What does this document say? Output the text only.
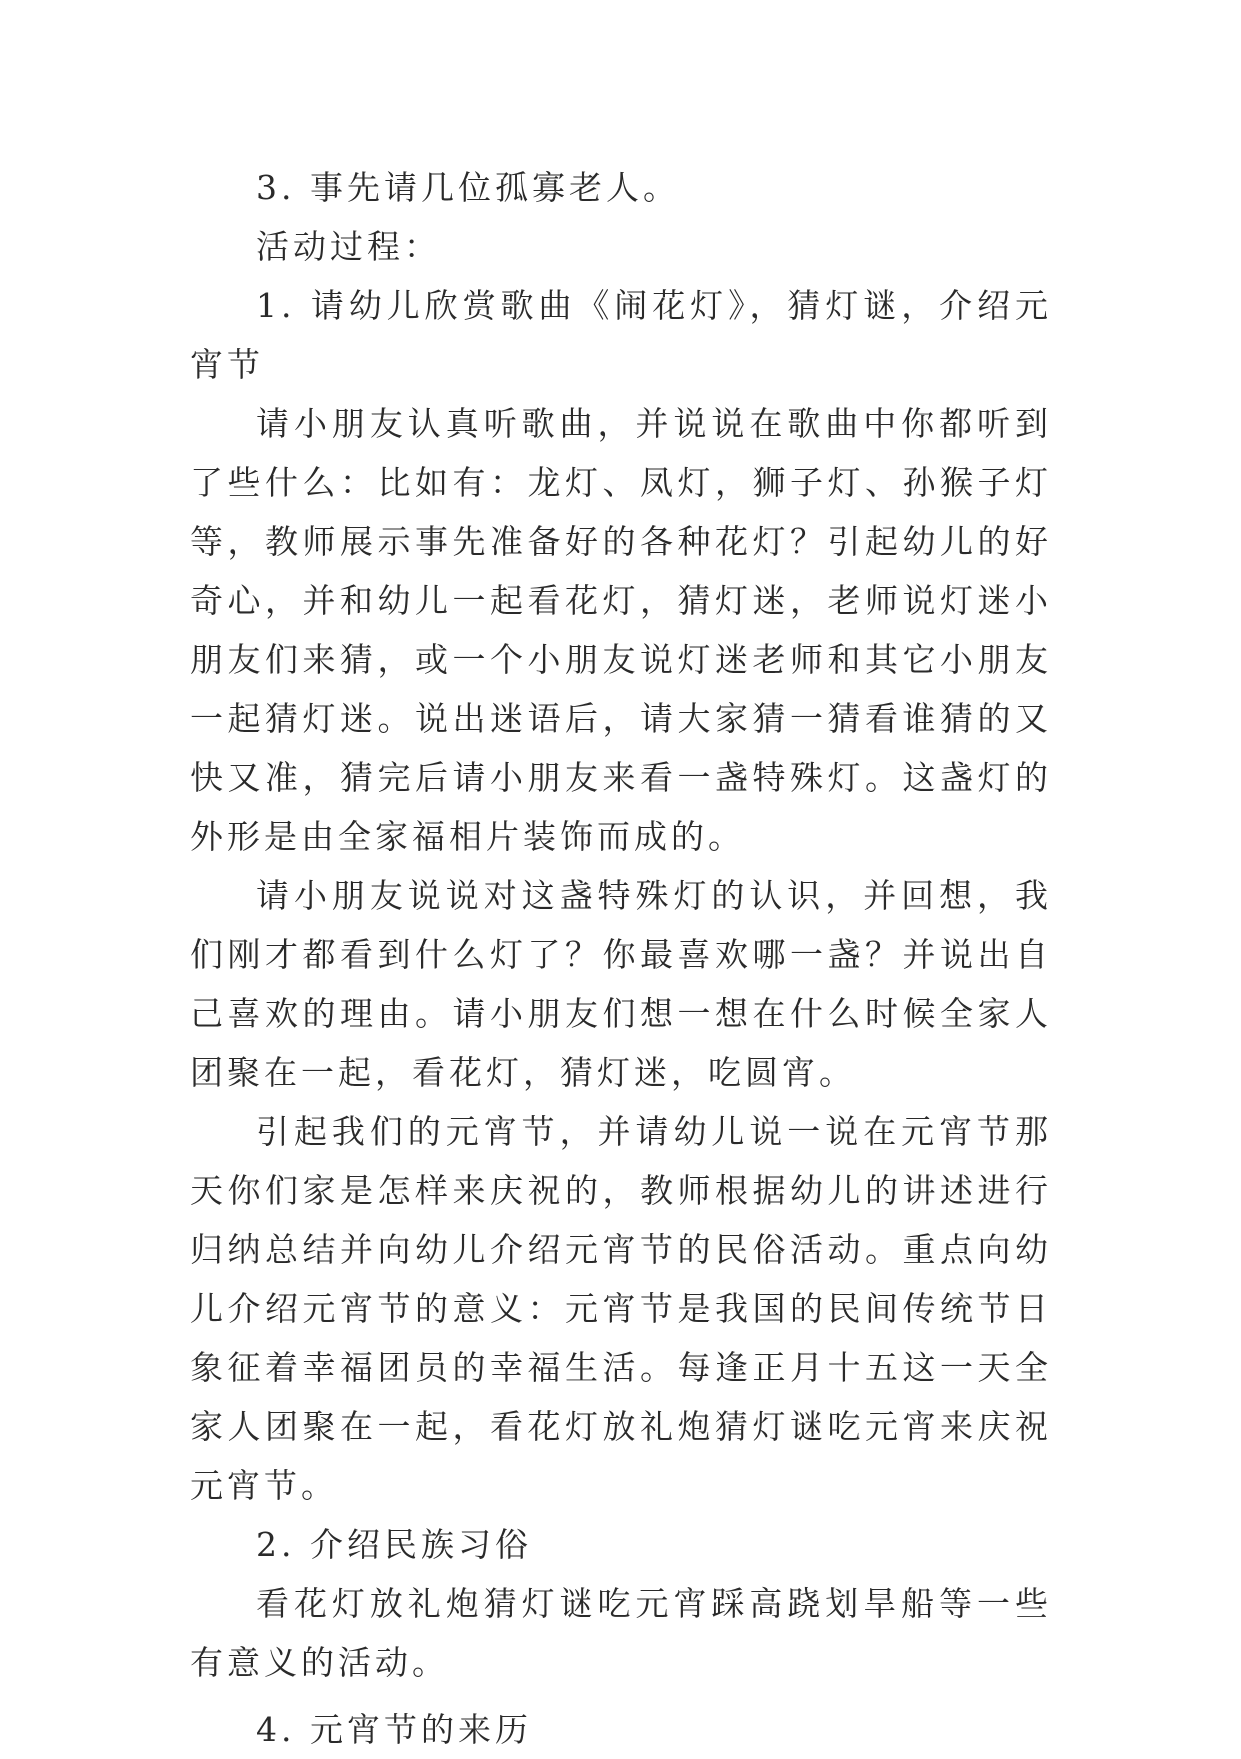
3. 事先请几位孤寡老人。

活动过程：

1. 请幼儿欣赏歌曲《闹花灯》，猜灯谜，介绍元宵节

请小朋友认真听歌曲，并说说在歌曲中你都听到了些什么：比如有：龙灯、凤灯，狮子灯、孙猴子灯等，教师展示事先准备好的各种花灯？引起幼儿的好奇心，并和幼儿一起看花灯，猜灯迷，老师说灯迷小朋友们来猜，或一个小朋友说灯迷老师和其它小朋友一起猜灯迷。说出迷语后，请大家猜一猜看谁猜的又快又准，猜完后请小朋友来看一盏特殊灯。这盏灯的外形是由全家福相片装饰而成的。

请小朋友说说对这盏特殊灯的认识，并回想，我们刚才都看到什么灯了？你最喜欢哪一盏？并说出自己喜欢的理由。请小朋友们想一想在什么时候全家人团聚在一起，看花灯，猜灯迷，吃圆宵。

引起我们的元宵节，并请幼儿说一说在元宵节那天你们家是怎样来庆祝的，教师根据幼儿的讲述进行归纳总结并向幼儿介绍元宵节的民俗活动。重点向幼儿介绍元宵节的意义：元宵节是我国的民间传统节日象征着幸福团员的幸福生活。每逢正月十五这一天全家人团聚在一起，看花灯放礼炮猜灯谜吃元宵来庆祝元宵节。

2. 介绍民族习俗

看花灯放礼炮猜灯谜吃元宵踩高跷划旱船等一些有意义的活动。

4. 元宵节的来历
